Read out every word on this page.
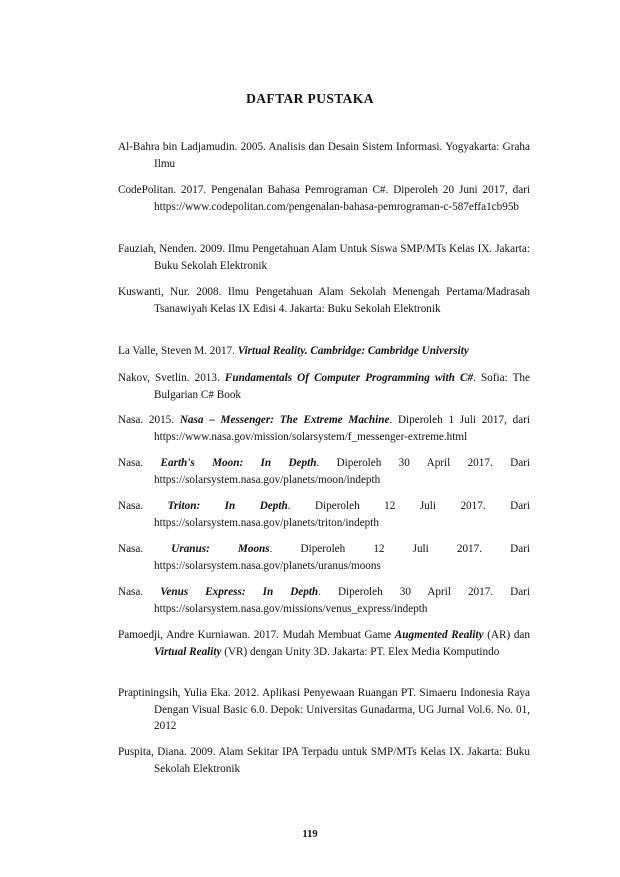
DAFTAR PUSTAKA
Al-Bahra bin Ladjamudin. 2005. Analisis dan Desain Sistem Informasi. Yogyakarta: Graha Ilmu
CodePolitan. 2017. Pengenalan Bahasa Pemrograman C#. Diperoleh 20 Juni 2017, dari https://www.codepolitan.com/pengenalan-bahasa-pemrograman-c-587effa1cb95b
Fauziah, Nenden. 2009. Ilmu Pengetahuan Alam Untuk Siswa SMP/MTs Kelas IX. Jakarta: Buku Sekolah Elektronik
Kuswanti, Nur. 2008. Ilmu Pengetahuan Alam Sekolah Menengah Pertama/Madrasah Tsanawiyah Kelas IX Edisi 4. Jakarta: Buku Sekolah Elektronik
La Valle, Steven M. 2017. Virtual Reality. Cambridge: Cambridge University
Nakov, Svetlin. 2013. Fundamentals Of Computer Programming with C#. Sofia: The Bulgarian C# Book
Nasa. 2015. Nasa – Messenger: The Extreme Machine. Diperoleh 1 Juli 2017, dari https://www.nasa.gov/mission/solarsystem/f_messenger-extreme.html
Nasa. Earth's Moon: In Depth. Diperoleh 30 April 2017. Dari https://solarsystem.nasa.gov/planets/moon/indepth
Nasa. Triton: In Depth. Diperoleh 12 Juli 2017. Dari https://solarsystem.nasa.gov/planets/triton/indepth
Nasa. Uranus: Moons. Diperoleh 12 Juli 2017. Dari https://solarsystem.nasa.gov/planets/uranus/moons
Nasa. Venus Express: In Depth. Diperoleh 30 April 2017. Dari https://solarsystem.nasa.gov/missions/venus_express/indepth
Pamoedji, Andre Kurniawan. 2017. Mudah Membuat Game Augmented Reality (AR) dan Virtual Reality (VR) dengan Unity 3D. Jakarta: PT. Elex Media Komputindo
Praptiningsih, Yulia Eka. 2012. Aplikasi Penyewaan Ruangan PT. Simaeru Indonesia Raya Dengan Visual Basic 6.0. Depok: Universitas Gunadarma, UG Jurnal Vol.6. No. 01, 2012
Puspita, Diana. 2009. Alam Sekitar IPA Terpadu untuk SMP/MTs Kelas IX. Jakarta: Buku Sekolah Elektronik
119
